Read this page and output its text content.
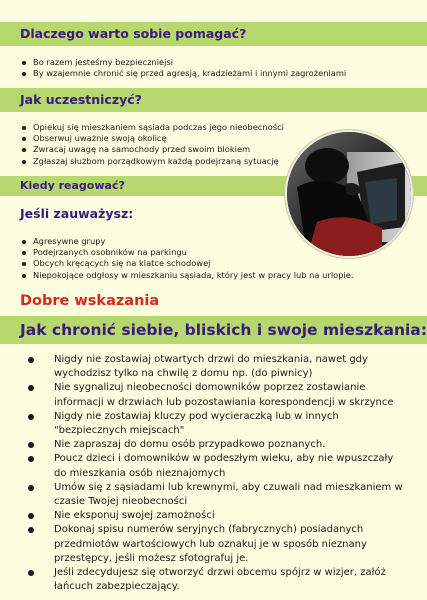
Dlaczego warto sobie pomagać?
Bo razem jesteśmy bezpieczniejsi
By wzajemnie chronić się przed agresją, kradzieżami i innymi zagrożeniami
Jak uczestniczyć?
Opiekuj się mieszkaniem sąsiada podczas jego nieobecności
Obserwuj uważnie swoją okolicę
Zwracaj uwagę na samochody przed swoim blokiem
Zgłaszaj służbom porządkowym każdą podejrzaną sytuację
Kiedy reagować?
Jeśli zauważysz:
Agresywne grupy
Podejrzanych osobników na parkingu
Obcych kręcących się na klatce schodowej
Niepokojące odgłosy w mieszkaniu sąsiada, który jest w pracy lub na urlopie.
Dobre wskazania
Jak chronić siebie, bliskich i swoje mieszkania:
Nigdy nie zostawiaj otwartych drzwi do mieszkania, nawet gdy wychodzisz tylko na chwilę z domu np. (do piwnicy)
Nie sygnalizuj nieobecności domowników poprzez zostawianie informacji w drzwiach lub pozostawiania korespondencji w skrzynce
Nigdy nie zostawiaj kluczy pod wycieraczką lub w innych "bezpiecznych miejscach"
Nie zapraszaj do domu osób przypadkowo poznanych.
Poucz dzieci i domowników w podeszłym wieku, aby nie wpuszczały do mieszkania osób nieznajomych
Umów się z sąsiadami lub krewnymi, aby czuwali nad mieszkaniem w czasie Twojej nieobecności
Nie eksponuj swojej zamożności
Dokonaj spisu numerów seryjnych (fabrycznych) posiadanych przedmiotów wartościowych lub oznakuj je w sposób nieznany przestępcy, jeśli możesz sfotografuj je.
Jeśli zdecydujesz się otworzyć drzwi obcemu spójrz w wizjer, załóż łańcuch zabezpieczający.
